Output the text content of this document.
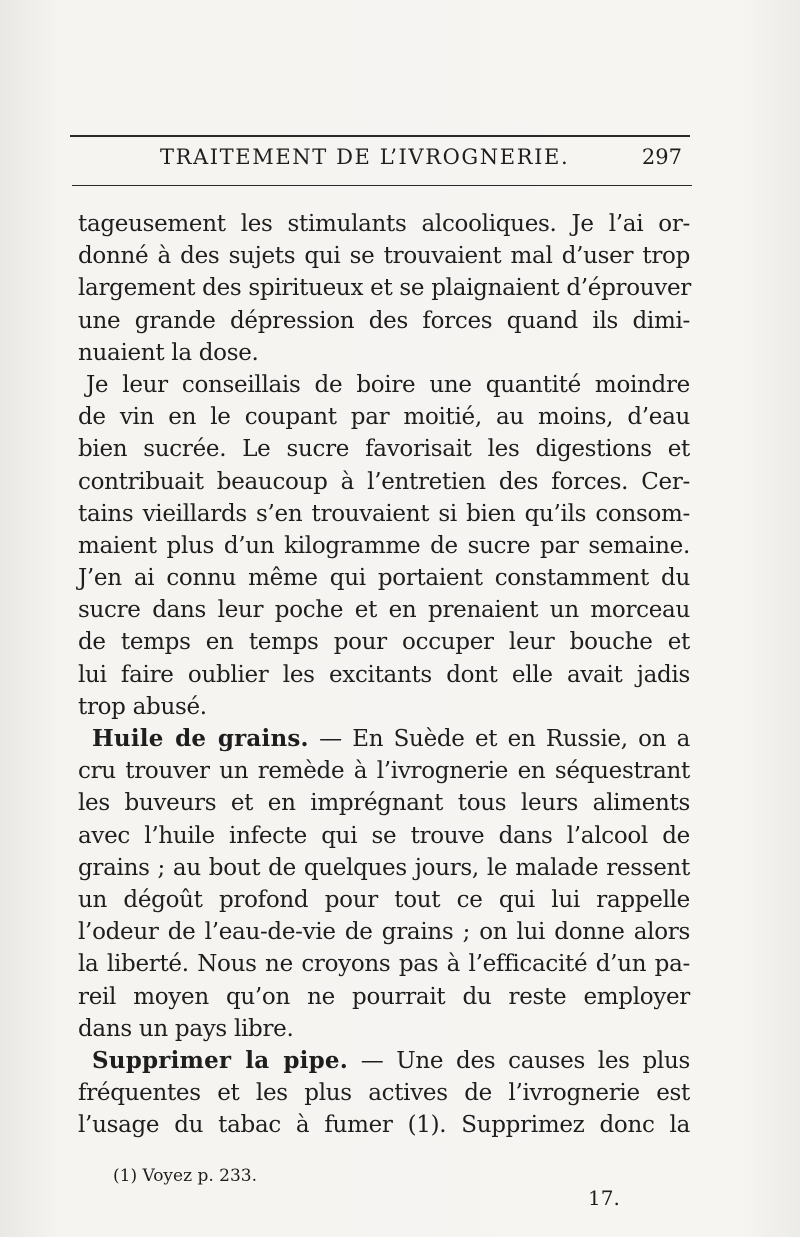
TRAITEMENT DE L’IVROGNERIE.	297
tageusement les stimulants alcooliques. Je l’ai or-
donné à des sujets qui se trouvaient mal d’user trop
largement des spiritueux et se plaignaient d’éprouver
une grande dépression des forces quand ils dimi-
nuaient la dose.
Je leur conseillais de boire une quantité moindre
de vin en le coupant par moitié, au moins, d’eau
bien sucrée. Le sucre favorisait les digestions et
contribuait beaucoup à l’entretien des forces. Cer-
tains vieillards s’en trouvaient si bien qu’ils consom-
maient plus d’un kilogramme de sucre par semaine.
J’en ai connu même qui portaient constamment du
sucre dans leur poche et en prenaient un morceau
de temps en temps pour occuper leur bouche et
lui faire oublier les excitants dont elle avait jadis
trop abusé.
Huile de grains. — En Suède et en Russie, on a
cru trouver un remède à l’ivrognerie en séquestrant
les buveurs et en imprégnant tous leurs aliments
avec l’huile infecte qui se trouve dans l’alcool de
grains ; au bout de quelques jours, le malade ressent
un dégoût profond pour tout ce qui lui rappelle
l’odeur de l’eau-de-vie de grains ; on lui donne alors
la liberté. Nous ne croyons pas à l’efficacité d’un pa-
reil moyen qu’on ne pourrait du reste employer
dans un pays libre.
Supprimer la pipe. — Une des causes les plus
fréquentes et les plus actives de l’ivrognerie est
l’usage du tabac à fumer (1). Supprimez donc la
(1) Voyez p. 233.
17.
